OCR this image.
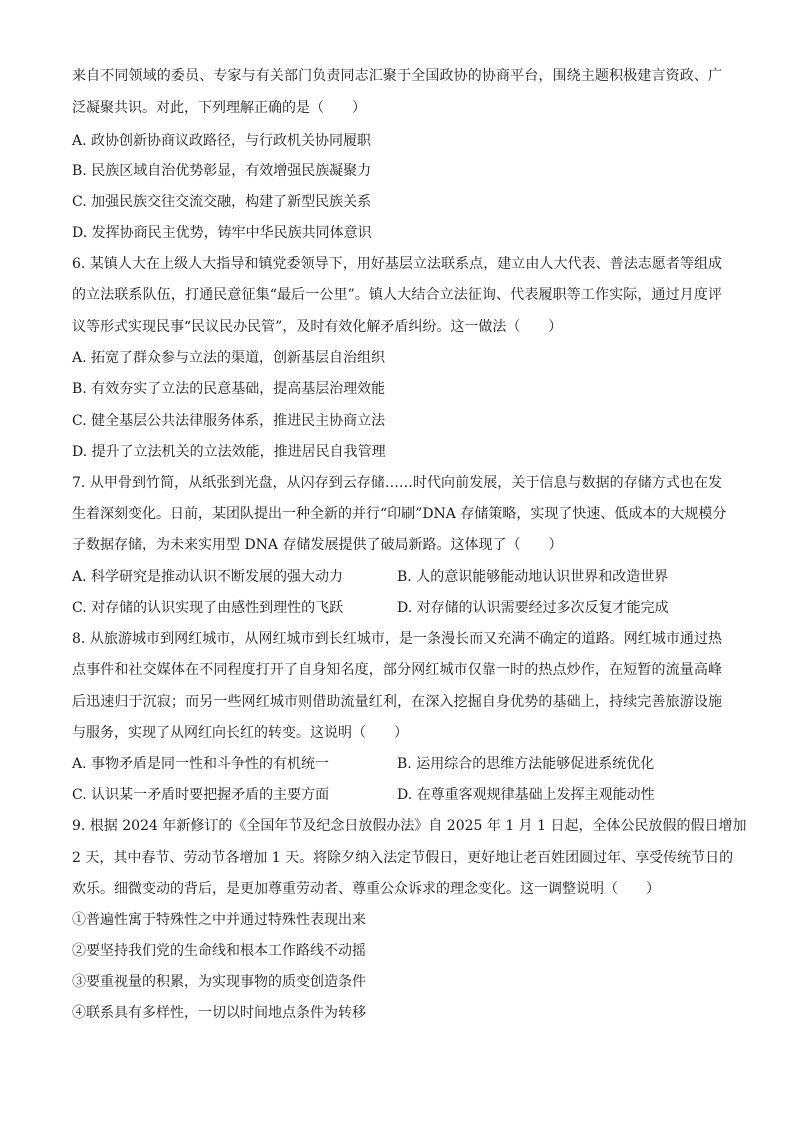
来自不同领域的委员、专家与有关部门负责同志汇聚于全国政协的协商平台，围绕主题积极建言资政、广
泛凝聚共识。对此，下列理解正确的是（　　）
A. 政协创新协商议政路径，与行政机关协同履职
B. 民族区域自治优势彰显，有效增强民族凝聚力
C. 加强民族交往交流交融，构建了新型民族关系
D. 发挥协商民主优势，铸牢中华民族共同体意识
6. 某镇人大在上级人大指导和镇党委领导下，用好基层立法联系点，建立由人大代表、普法志愿者等组成
的立法联系队伍，打通民意征集“最后一公里”。镇人大结合立法征询、代表履职等工作实际，通过月度评
议等形式实现民事“民议民办民管”，及时有效化解矛盾纠纷。这一做法（　　）
A. 拓宽了群众参与立法的渠道，创新基层自治组织
B. 有效夯实了立法的民意基础，提高基层治理效能
C. 健全基层公共法律服务体系，推进民主协商立法
D. 提升了立法机关的立法效能，推进居民自我管理
7. 从甲骨到竹简，从纸张到光盘，从闪存到云存储……时代向前发展，关于信息与数据的存储方式也在发
生着深刻变化。日前，某团队提出一种全新的并行“印刷”DNA 存储策略，实现了快速、低成本的大规模分
子数据存储，为未来实用型 DNA 存储发展提供了破局新路。这体现了（　　）
A. 科学研究是推动认识不断发展的强大动力	B. 人的意识能够能动地认识世界和改造世界
C. 对存储的认识实现了由感性到理性的飞跃	D. 对存储的认识需要经过多次反复才能完成
8. 从旅游城市到网红城市，从网红城市到长红城市，是一条漫长而又充满不确定的道路。网红城市通过热
点事件和社交媒体在不同程度打开了自身知名度，部分网红城市仅靠一时的热点炒作，在短暂的流量高峰
后迅速归于沉寂；而另一些网红城市则借助流量红利，在深入挖掘自身优势的基础上，持续完善旅游设施
与服务，实现了从网红向长红的转变。这说明（　　）
A. 事物矛盾是同一性和斗争性的有机统一	B. 运用综合的思维方法能够促进系统优化
C. 认识某一矛盾时要把握矛盾的主要方面	D. 在尊重客观规律基础上发挥主观能动性
9. 根据 2024 年新修订的《全国年节及纪念日放假办法》自 2025 年 1 月 1 日起，全体公民放假的假日增加
2 天，其中春节、劳动节各增加 1 天。将除夕纳入法定节假日，更好地让老百姓团圆过年、享受传统节日的
欢乐。细微变动的背后，是更加尊重劳动者、尊重公众诉求的理念变化。这一调整说明（　　）
①普遍性寓于特殊性之中并通过特殊性表现出来
②要坚持我们党的生命线和根本工作路线不动摇
③要重视量的积累，为实现事物的质变创造条件
④联系具有多样性，一切以时间地点条件为转移
